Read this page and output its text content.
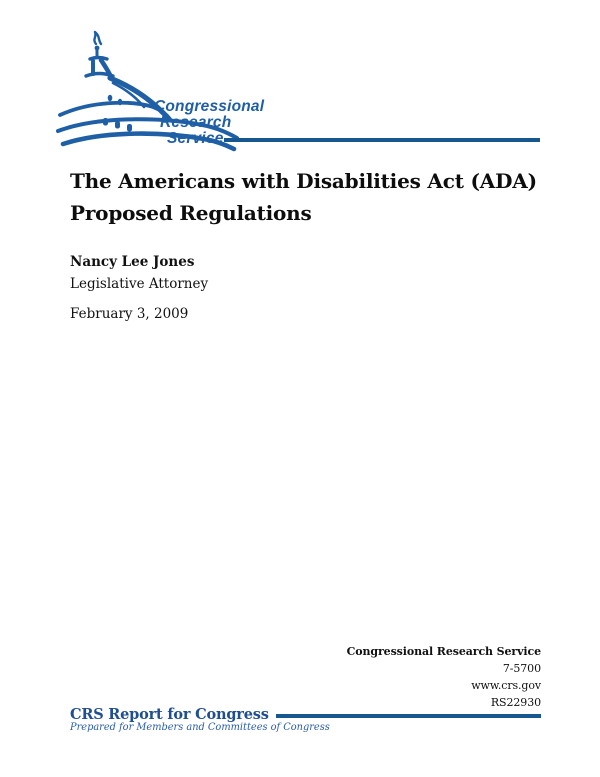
Congressional
Research
Service
The Americans with Disabilities Act (ADA)
Proposed Regulations
Nancy Lee Jones
Legislative Attorney
February 3, 2009
Congressional Research Service
7-5700
www.crs.gov
RS22930
CRS Report for Congress
Prepared for Members and Committees of Congress
